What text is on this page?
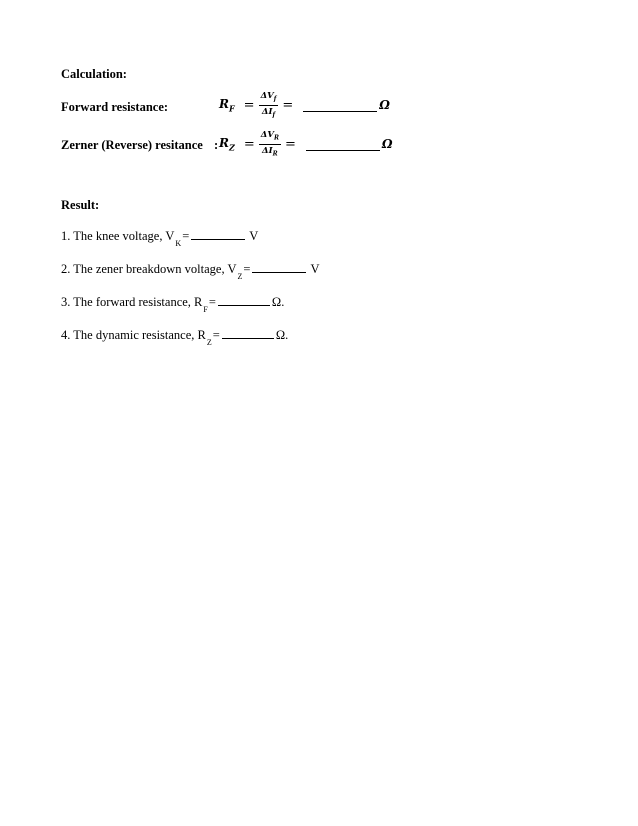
Calculation:
Forward resistance:	$R_F = \frac{\Delta V_f}{\Delta I_f}$ =	Ω
Zerner (Reverse) resitance : $R_Z = \frac{\Delta V_R}{\Delta I_R}$ =	Ω
Result:
1. The knee voltage, V
K
=	V
2. The zener breakdown voltage, V
Z
=	V
3. The forward resistance, R
F
=	Ω.
4. The dynamic resistance, R
Z
=	Ω.
